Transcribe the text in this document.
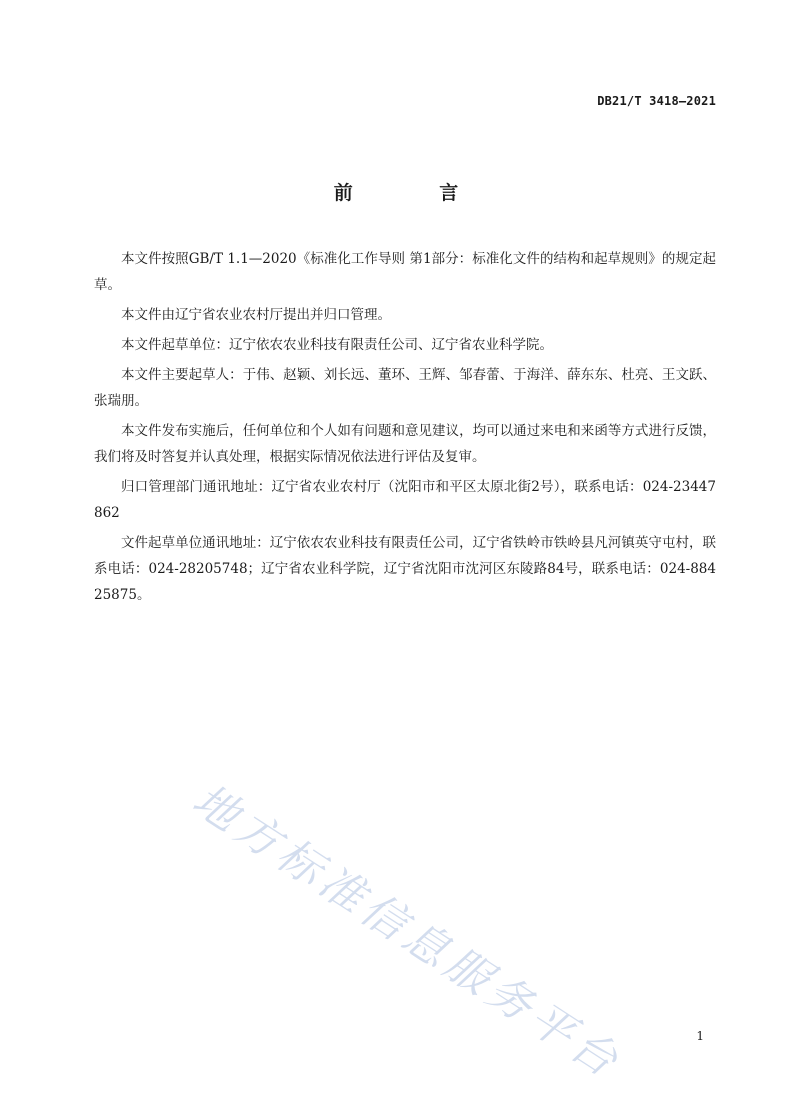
DB21/T 3418—2021
前 言

本文件按照GB/T 1.1—2020《标准化工作导则 第1部分：标准化文件的结构和起草规则》的规定起草。

本文件由辽宁省农业农村厅提出并归口管理。

本文件起草单位：辽宁依农农业科技有限责任公司、辽宁省农业科学院。

本文件主要起草人：于伟、赵颖、刘长远、董环、王辉、邹春蕾、于海洋、薛东东、杜亮、王文跃、张瑞朋。

本文件发布实施后，任何单位和个人如有问题和意见建议，均可以通过来电和来函等方式进行反馈，我们将及时答复并认真处理，根据实际情况依法进行评估及复审。

归口管理部门通讯地址：辽宁省农业农村厅（沈阳市和平区太原北街2号），联系电话：024-23447862

文件起草单位通讯地址：辽宁依农农业科技有限责任公司，辽宁省铁岭市铁岭县凡河镇英守屯村，联系电话：024-28205748；辽宁省农业科学院，辽宁省沈阳市沈河区东陵路84号，联系电话：024-88425875。

地方标准信息服务平台	1
